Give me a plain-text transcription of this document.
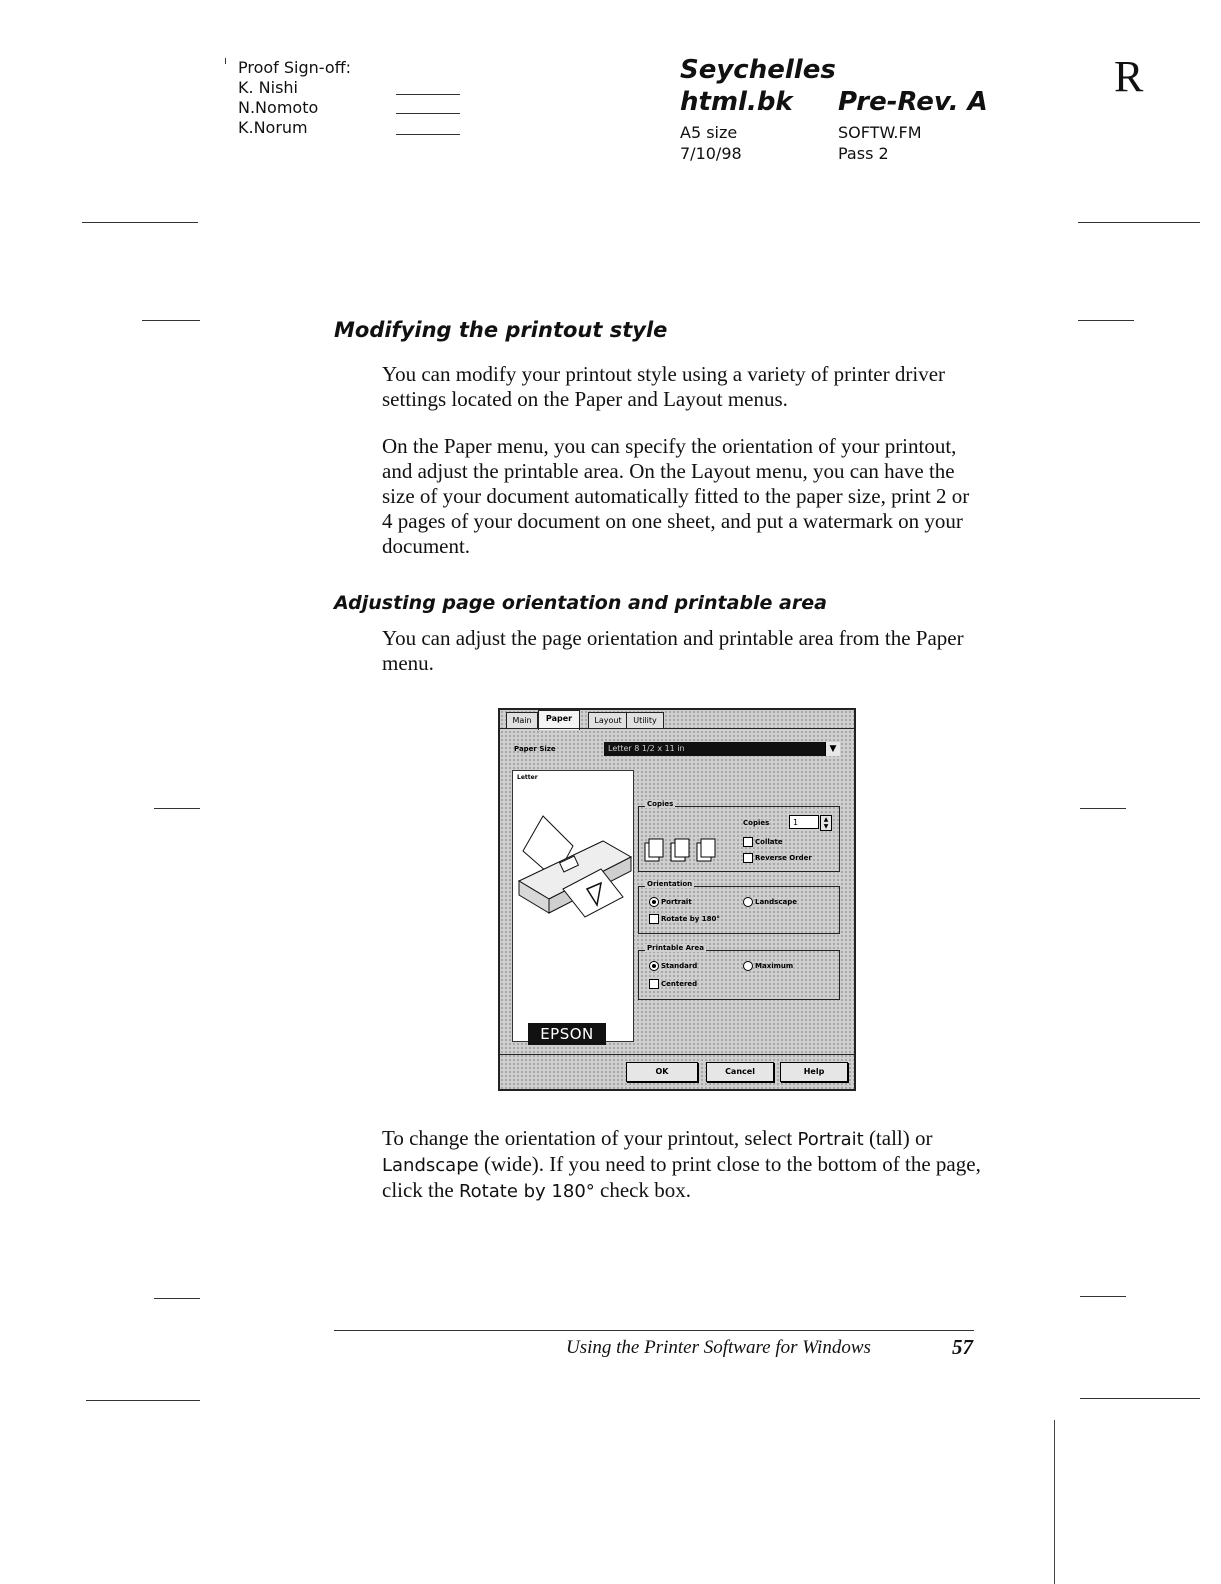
Proof Sign-off:
K. Nishi
N.Nomoto
K.Norum
Seychelles
html.bk Pre-Rev. A
A5 size
7/10/98
SOFTW.FM
Pass 2
R
Modifying the printout style

You can modify your printout style using a variety of printer driver settings located on the Paper and Layout menus.

On the Paper menu, you can specify the orientation of your printout, and adjust the printable area. On the Layout menu, you can have the size of your document automatically fitted to the paper size, print 2 or 4 pages of your document on one sheet, and put a watermark on your document.

Adjusting page orientation and printable area

You can adjust the page orientation and printable area from the Paper menu.

Main	Paper	Layout	Utility
Paper Size	Letter 8 1/2 x 11 in	▼
Letter
Copies
Copies	1	▲
▼
Collate
Reverse Order
Orientation
Portrait	Landscape
Rotate by 180°
Printable Area
Standard	Maximum
Centered
EPSON
OK	Cancel	Help

To change the orientation of your printout, select Portrait (tall) or Landscape (wide). If you need to print close to the bottom of the page, click the Rotate by 180° check box.

Using the Printer Software for Windows	57
